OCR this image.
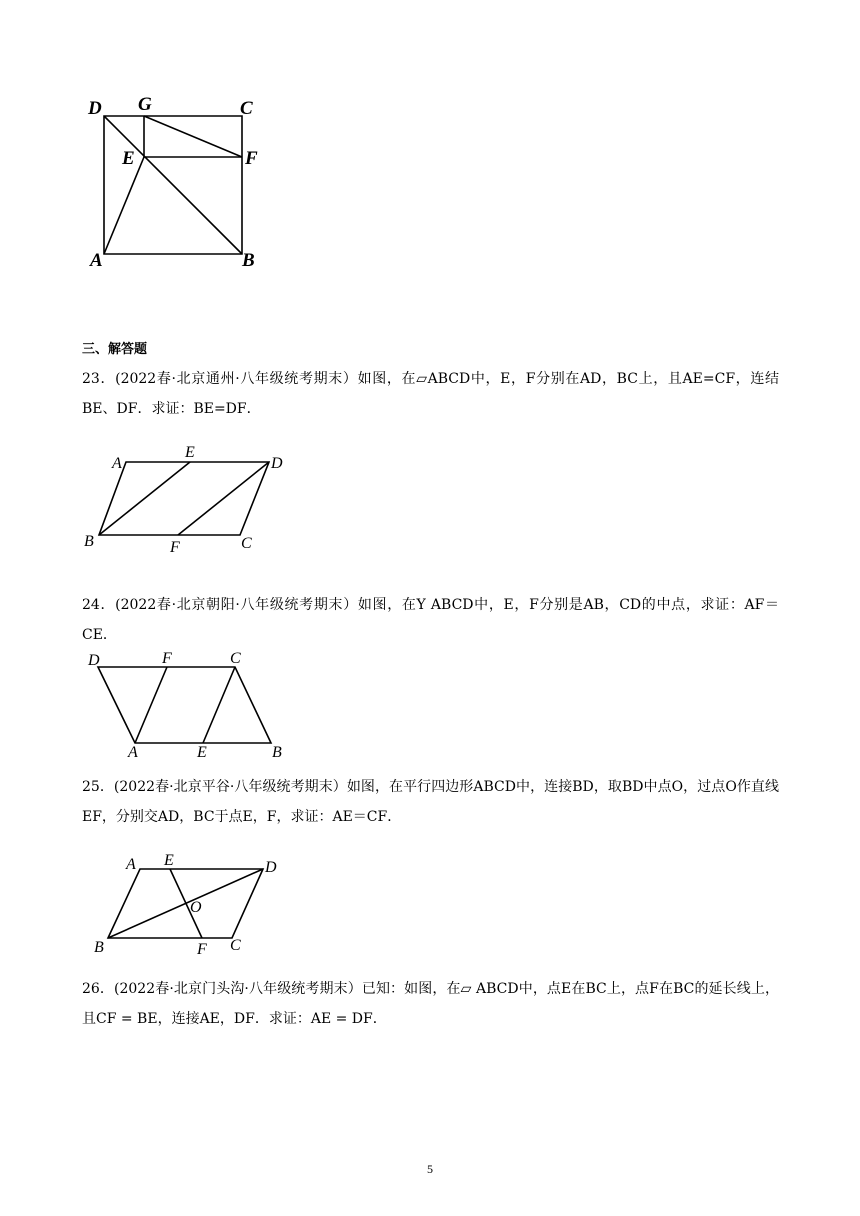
D G	C
E	F
A	B
三、解答题
23．(2022春·北京通州·八年级统考期末）如图，在▱ABCD中，E，F分别在AD，BC上，且AE=CF，连结BE、DF．求证：BE=DF．
A
E
D
B	F	C
24．(2022春·北京朝阳·八年级统考期末）如图，在Y ABCD中，E，F分别是AB，CD的中点，求证：AF＝CE．
D	F	C
A	E	B
25．(2022春·北京平谷·八年级统考期末）如图，在平行四边形ABCD中，连接BD，取BD中点O，过点O作直线EF，分别交AD，BC于点E，F，求证：AE＝CF．
A E	D
O
B	F C
26．(2022春·北京门头沟·八年级统考期末）已知：如图，在▱ ABCD中，点E在BC上，点F在BC的延长线上，且CF = BE，连接AE，DF．求证：AE = DF．
5
